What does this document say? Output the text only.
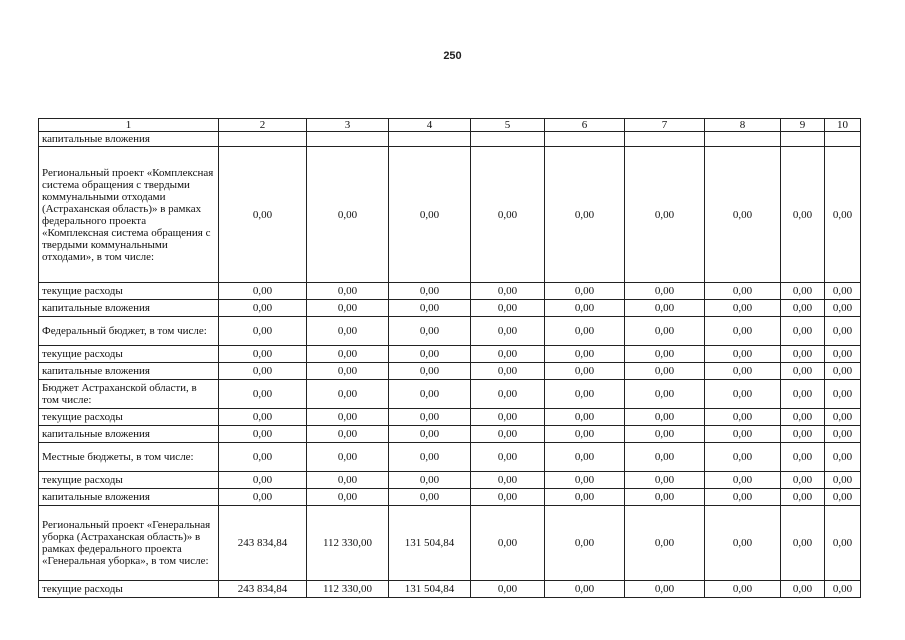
250
1	2	3	4	5	6	7	8	9	10
капитальные вложения									
Региональный проект «Комплексная система обращения с твердыми коммунальными отходами (Астраханская область)» в рамках федерального проекта «Комплексная система обращения с твердыми коммунальными отходами», в том числе:	0,00	0,00	0,00	0,00	0,00	0,00	0,00	0,00	0,00
текущие расходы	0,00	0,00	0,00	0,00	0,00	0,00	0,00	0,00	0,00
капитальные вложения	0,00	0,00	0,00	0,00	0,00	0,00	0,00	0,00	0,00
Федеральный бюджет, в том числе:	0,00	0,00	0,00	0,00	0,00	0,00	0,00	0,00	0,00
текущие расходы	0,00	0,00	0,00	0,00	0,00	0,00	0,00	0,00	0,00
капитальные вложения	0,00	0,00	0,00	0,00	0,00	0,00	0,00	0,00	0,00
Бюджет Астраханской области, в том числе:	0,00	0,00	0,00	0,00	0,00	0,00	0,00	0,00	0,00
текущие расходы	0,00	0,00	0,00	0,00	0,00	0,00	0,00	0,00	0,00
капитальные вложения	0,00	0,00	0,00	0,00	0,00	0,00	0,00	0,00	0,00
Местные бюджеты, в том числе:	0,00	0,00	0,00	0,00	0,00	0,00	0,00	0,00	0,00
текущие расходы	0,00	0,00	0,00	0,00	0,00	0,00	0,00	0,00	0,00
капитальные вложения	0,00	0,00	0,00	0,00	0,00	0,00	0,00	0,00	0,00
Региональный проект «Генеральная уборка (Астраханская область)» в рамках федерального проекта «Генеральная уборка», в том числе:	243 834,84	112 330,00	131 504,84	0,00	0,00	0,00	0,00	0,00	0,00
текущие расходы	243 834,84	112 330,00	131 504,84	0,00	0,00	0,00	0,00	0,00	0,00
